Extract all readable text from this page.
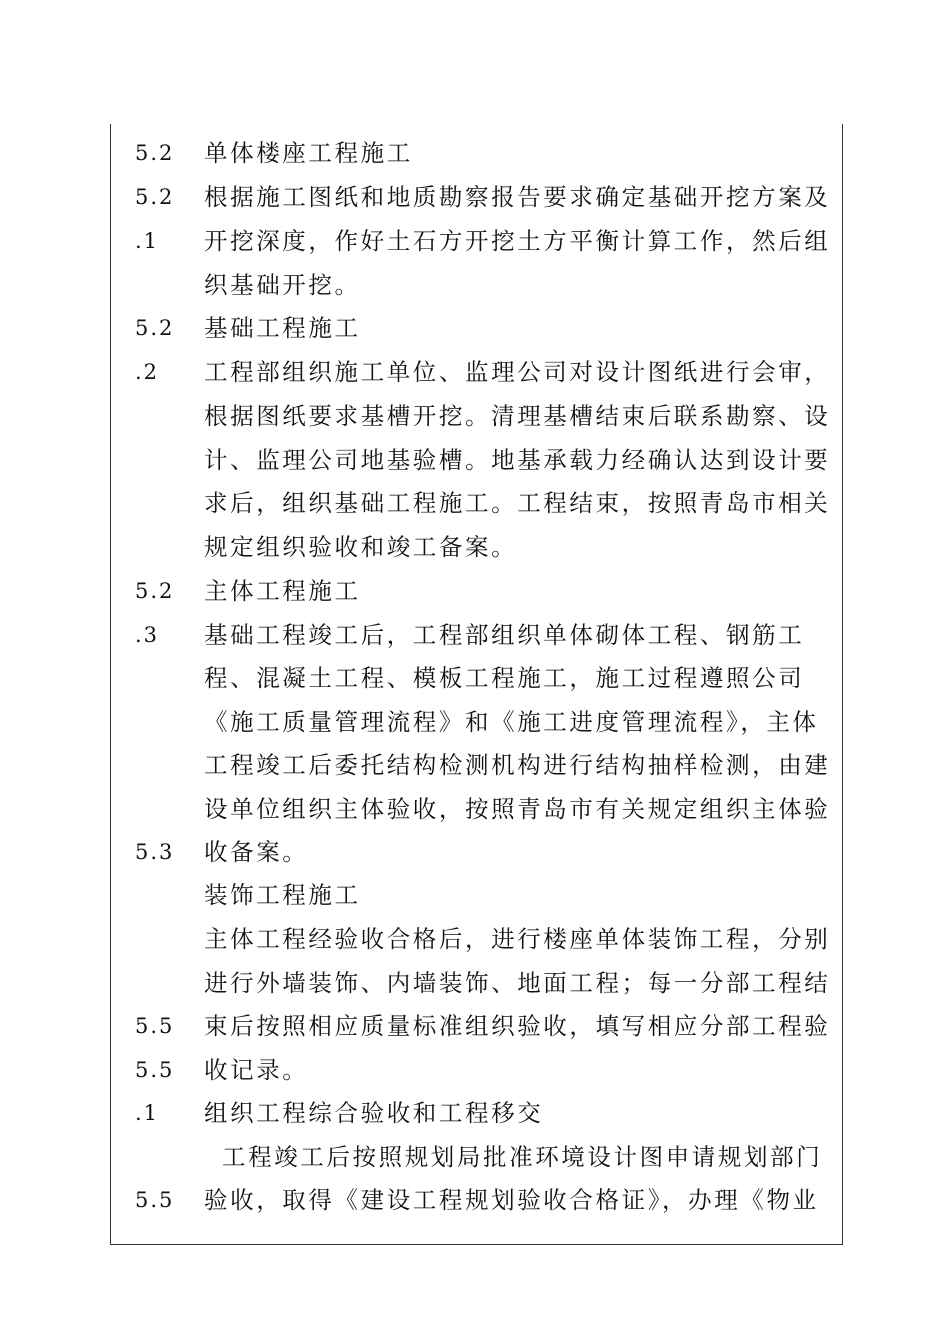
5.2
5.2
.1
5.2
.2
5.2
.3
5.3
5.5
5.5
.1
5.5
单体楼座工程施工
根据施工图纸和地质勘察报告要求确定基础开挖方案及
开挖深度，作好土石方开挖土方平衡计算工作，然后组
织基础开挖。
基础工程施工
工程部组织施工单位、监理公司对设计图纸进行会审，
根据图纸要求基槽开挖。清理基槽结束后联系勘察、设
计、监理公司地基验槽。地基承载力经确认达到设计要
求后，组织基础工程施工。工程结束，按照青岛市相关
规定组织验收和竣工备案。
主体工程施工
基础工程竣工后，工程部组织单体砌体工程、钢筋工
程、混凝土工程、模板工程施工，施工过程遵照公司
《施工质量管理流程》和《施工进度管理流程》，主体
工程竣工后委托结构检测机构进行结构抽样检测，由建
设单位组织主体验收，按照青岛市有关规定组织主体验
收备案。
装饰工程施工
主体工程经验收合格后，进行楼座单体装饰工程，分别
进行外墙装饰、内墙装饰、地面工程；每一分部工程结
束后按照相应质量标准组织验收，填写相应分部工程验
收记录。
组织工程综合验收和工程移交
工程竣工后按照规划局批准环境设计图申请规划部门
验收，取得《建设工程规划验收合格证》，办理《物业
